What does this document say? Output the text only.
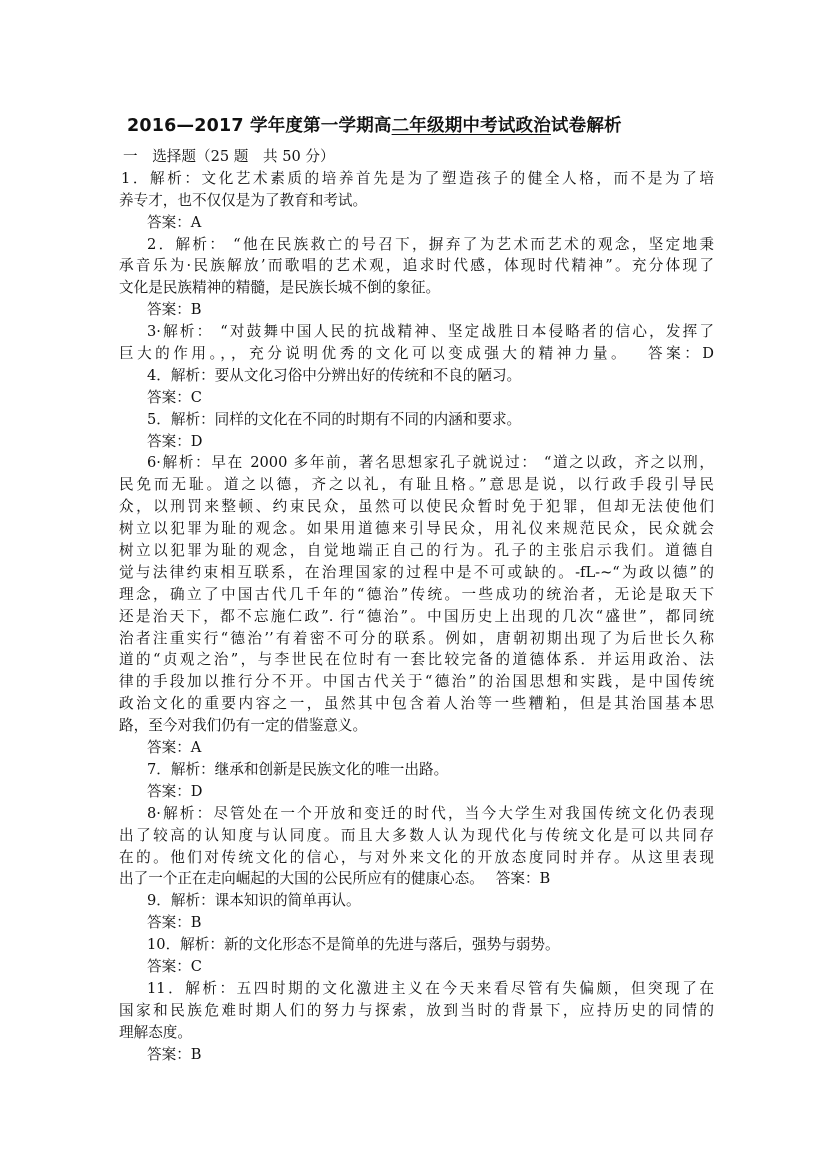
2016—2017 学年度第一学期高二年级期中考试政治试卷解析
一　选择题（25 题　共 50 分）
1．解析：文化艺术素质的培养首先是为了塑造孩子的健全人格，而不是为了培
养专才，也不仅仅是为了教育和考试。
答案：A
2．解析： “他在民族救亡的号召下，摒弃了为艺术而艺术的观念，坚定地秉
承音乐为·民族解放’而歌唱的艺术观，追求时代感，体现时代精神”。充分体现了
文化是民族精神的精髓，是民族长城不倒的象征。
答案：B
3·解析： “对鼓舞中国人民的抗战精神、坚定战胜日本侵略者的信心，发挥了
巨大的作用。，，充分说明优秀的文化可以变成强大的精神力量。　 答案：D
4．解析：要从文化习俗中分辨出好的传统和不良的陋习。
答案：C
5．解析：同样的文化在不同的时期有不同的内涵和要求。
答案：D
6·解析：早在 2000 多年前，著名思想家孔子就说过： “道之以政，齐之以刑，
民免而无耻。道之以德，齐之以礼，有耻且格。”意思是说，以行政手段引导民
众，以刑罚来整顿、约束民众，虽然可以使民众暂时免于犯罪，但却无法使他们
树立以犯罪为耻的观念。如果用道德来引导民众，用礼仪来规范民众，民众就会
树立以犯罪为耻的观念，自觉地端正自己的行为。孔子的主张启示我们。道德自
觉与法律约束相互联系，在治理国家的过程中是不可或缺的。-fL-~“为政以德”的
理念，确立了中国古代几千年的“德治”传统。一些成功的统治者，无论是取天下
还是治天下，都不忘施仁政”. 行“德治”。中国历史上出现的几次“盛世”，都同统
治者注重实行“德治’’有着密不可分的联系。例如，唐朝初期出现了为后世长久称
道的“贞观之治”，与李世民在位时有一套比较完备的道德体系．并运用政治、法
律的手段加以推行分不开。中国古代关于“德治”的治国思想和实践，是中国传统
政治文化的重要内容之一，虽然其中包含着人治等一些糟粕，但是其治国基本思
路，至今对我们仍有一定的借鉴意义。
答案：A
7．解析：继承和创新是民族文化的唯一出路。
答案：D
8·解析：尽管处在一个开放和变迁的时代，当今大学生对我国传统文化仍表现
出了较高的认知度与认同度。而且大多数人认为现代化与传统文化是可以共同存
在的。他们对传统文化的信心，与对外来文化的开放态度同时并存。从这里表现
出了一个正在走向崛起的大国的公民所应有的健康心态。　 答案：B
9．解析：课本知识的简单再认。
答案：B
10．解析：新的文化形态不是简单的先进与落后，强势与弱势。
答案：C
11．解析：五四时期的文化激进主义在今天来看尽管有失偏颇，但突现了在
国家和民族危难时期人们的努力与探索，放到当时的背景下，应持历史的同情的
理解态度。
答案：B
